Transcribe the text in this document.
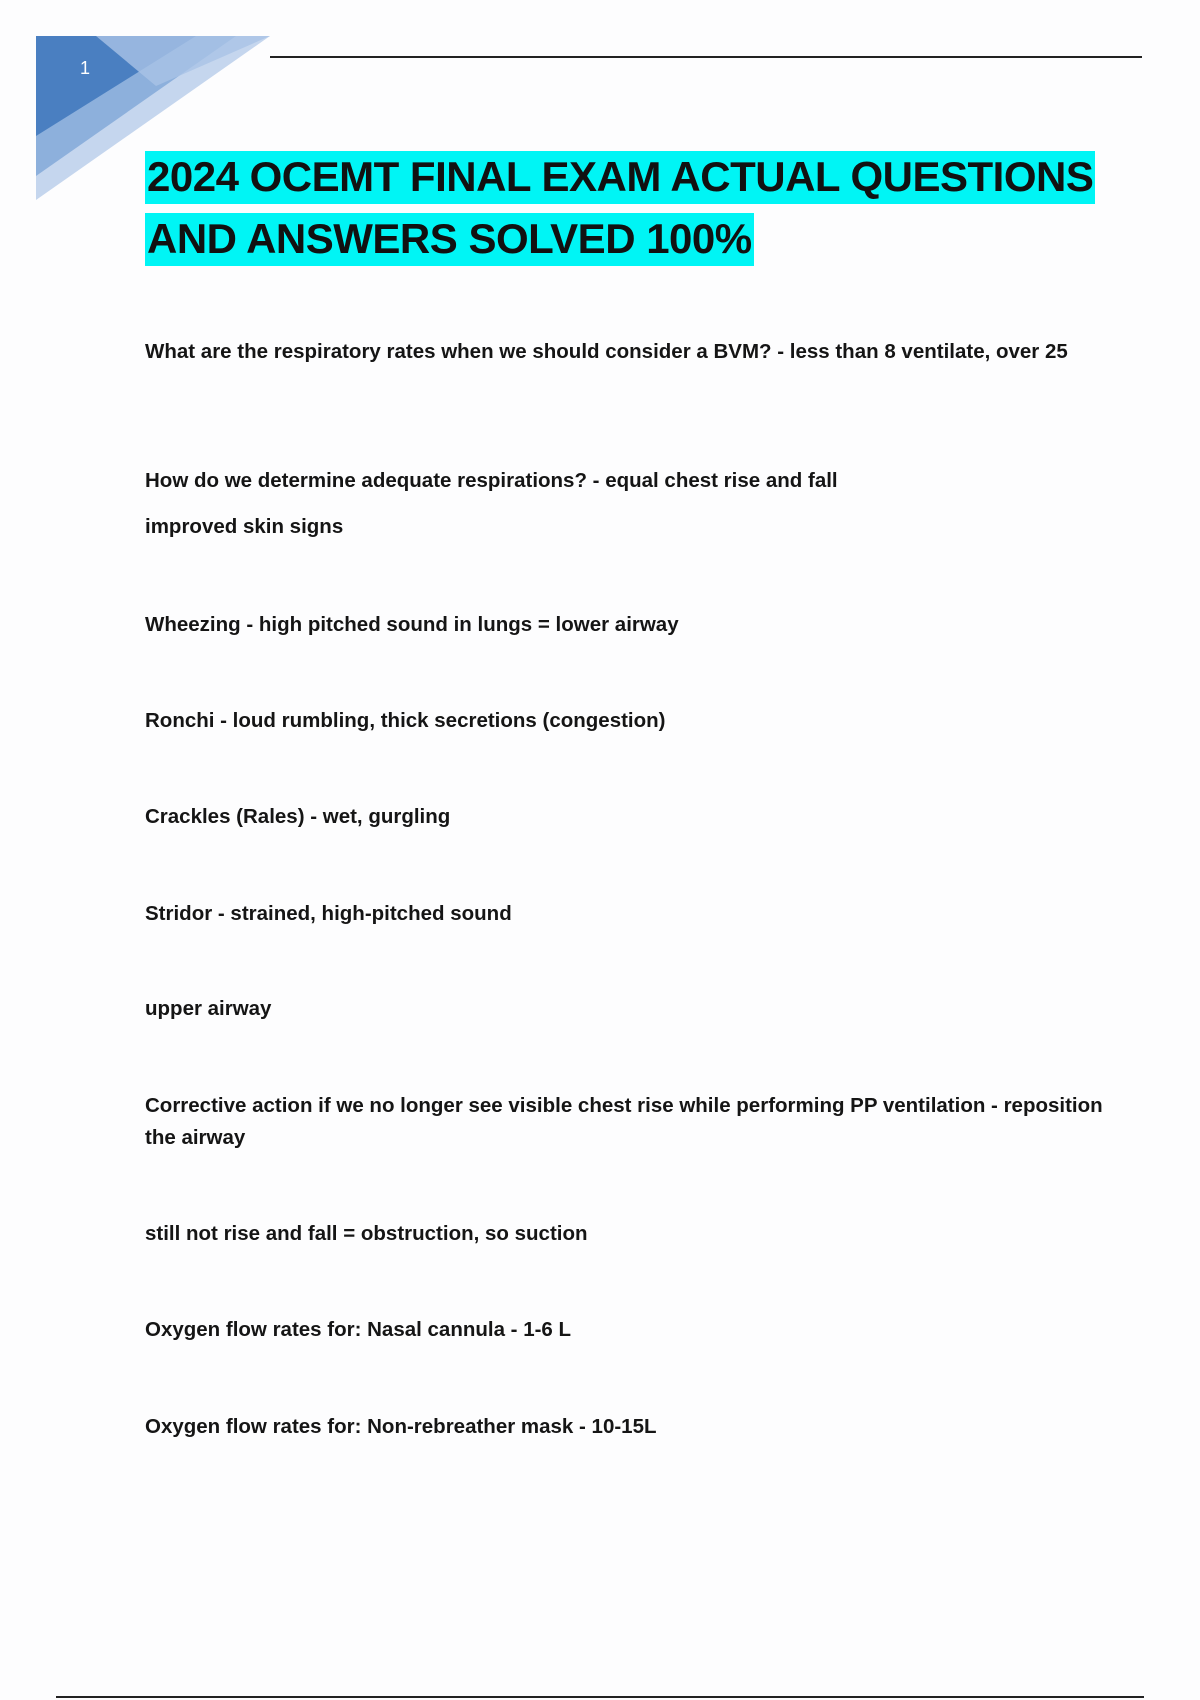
1
2024 OCEMT FINAL EXAM ACTUAL QUESTIONS
AND ANSWERS SOLVED 100%

What are the respiratory rates when we should consider a BVM? - less than 8 ventilate, over 25

How do we determine adequate respirations? - equal chest rise and fall

improved skin signs

Wheezing - high pitched sound in lungs = lower airway

Ronchi - loud rumbling, thick secretions (congestion)

Crackles (Rales) - wet, gurgling

Stridor - strained, high-pitched sound

upper airway

Corrective action if we no longer see visible chest rise while performing PP ventilation - reposition the airway

still not rise and fall = obstruction, so suction

Oxygen flow rates for: Nasal cannula - 1-6 L

Oxygen flow rates for: Non-rebreather mask - 10-15L
